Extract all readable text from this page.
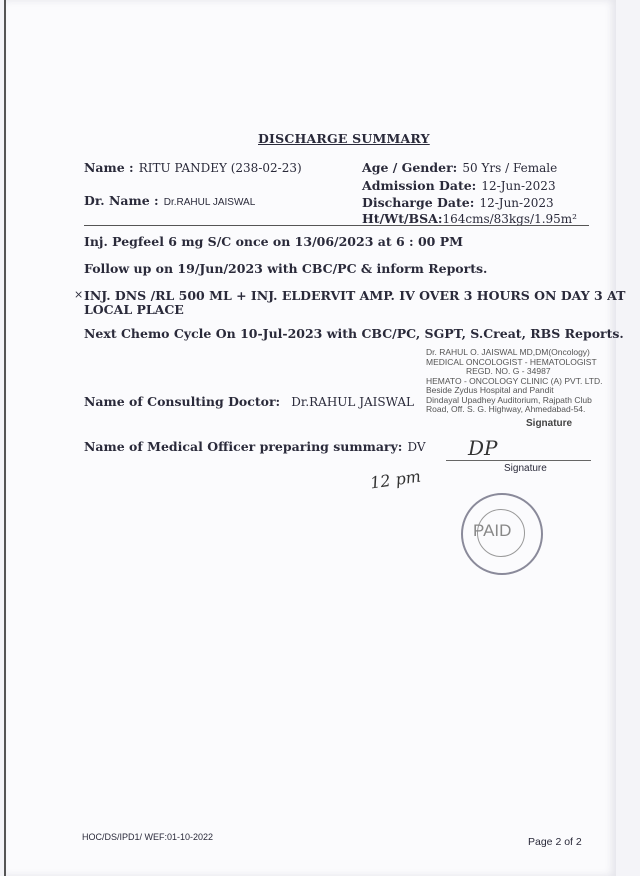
DISCHARGE SUMMARY
Name : RITU PANDEY (238-02-23)
Dr. Name : Dr.RAHUL JAISWAL
Age / Gender: 50 Yrs / Female
Admission Date: 12-Jun-2023
Discharge Date: 12-Jun-2023
Ht/Wt/BSA:164cms/83kgs/1.95m²
Inj. Pegfeel 6 mg S/C once on 13/06/2023 at 6 : 00 PM
Follow up on 19/Jun/2023 with CBC/PC & inform Reports.
× INJ. DNS /RL 500 ML + INJ. ELDERVIT AMP. IV OVER 3 HOURS ON DAY 3 AT
LOCAL PLACE
Next Chemo Cycle On 10-Jul-2023 with CBC/PC, SGPT, S.Creat, RBS Reports.
Dr. RAHUL O. JAISWAL MD,DM(Oncology)
MEDICAL ONCOLOGIST - HEMATOLOGIST
REGD. NO. G - 34987
HEMATO - ONCOLOGY CLINIC (A) PVT. LTD.
Beside Zydus Hospital and Pandit
Dindayal Upadhey Auditorium, Rajpath Club
Road, Off. S. G. Highway, Ahmedabad-54.
Name of Consulting Doctor: Dr.RAHUL JAISWAL
Signature
Name of Medical Officer preparing summary: DV DP
Signature
12 pm
PAID
HOC/DS/IPD1/ WEF:01-10-2022	Page 2 of 2
